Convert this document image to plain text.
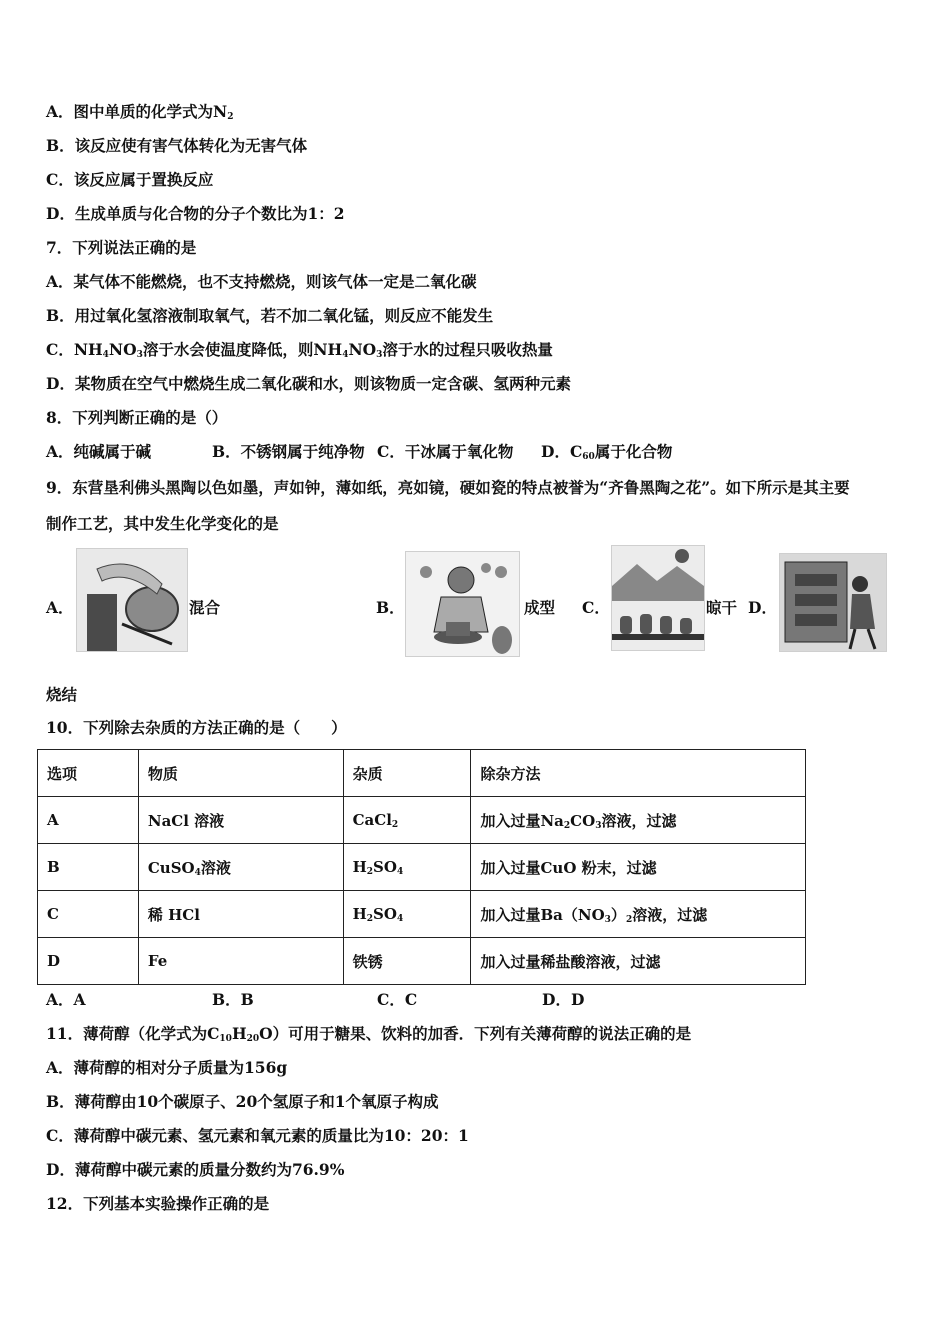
A．图中单质的化学式为$N_2$
B．该反应使有害气体转化为无害气体
C．该反应属于置换反应
D．生成单质与化合物的分子个数比为1：2
7．下列说法正确的是
A．某气体不能燃烧，也不支持燃烧，则该气体一定是二氧化碳
B．用过氧化氢溶液制取氧气，若不加二氧化锰，则反应不能发生
C．$NH_4NO_3$溶于水会使温度降低，则$NH_4NO_3$溶于水的过程只吸收热量
D．某物质在空气中燃烧生成二氧化碳和水，则该物质一定含碳、氢两种元素
8．下列判断正确的是（）
A．纯碱属于碱	B．不锈钢属于纯净物 C．干冰属于氧化物 D．$C_{60}$属于化合物
9．东营垦利佛头黑陶以色如墨，声如钟，薄如纸，亮如镜，硬如瓷的特点被誉为“齐鲁黑陶之花”。如下所示是其主要
制作工艺，其中发生化学变化的是
A．	混合	B．	成型 C．	晾干 D．
烧结
10．下列除去杂质的方法正确的是（　　）
选项	物质	杂质	除杂方法
A	NaCl 溶液	CaCl$_2$	加入过量$Na_2CO_3$溶液，过滤
B	CuSO$_4$溶液	$H_2SO_4$	加入过量CuO 粉末，过滤
C	稀 HCl	$H_2SO_4$	加入过量$Ba(NO_3)_2$溶液，过滤
D	Fe	铁锈	加入过量稀盐酸溶液，过滤
A．A	B．B	C．C	D．D
11．薄荷醇（化学式为$C_{10}H_{20}O$）可用于糖果、饮料的加香．下列有关薄荷醇的说法正确的是
A．薄荷醇的相对分子质量为156g
B．薄荷醇由10个碳原子、20个氢原子和1个氧原子构成
C．薄荷醇中碳元素、氢元素和氧元素的质量比为10：20：1
D．薄荷醇中碳元素的质量分数约为76.9%
12．下列基本实验操作正确的是
